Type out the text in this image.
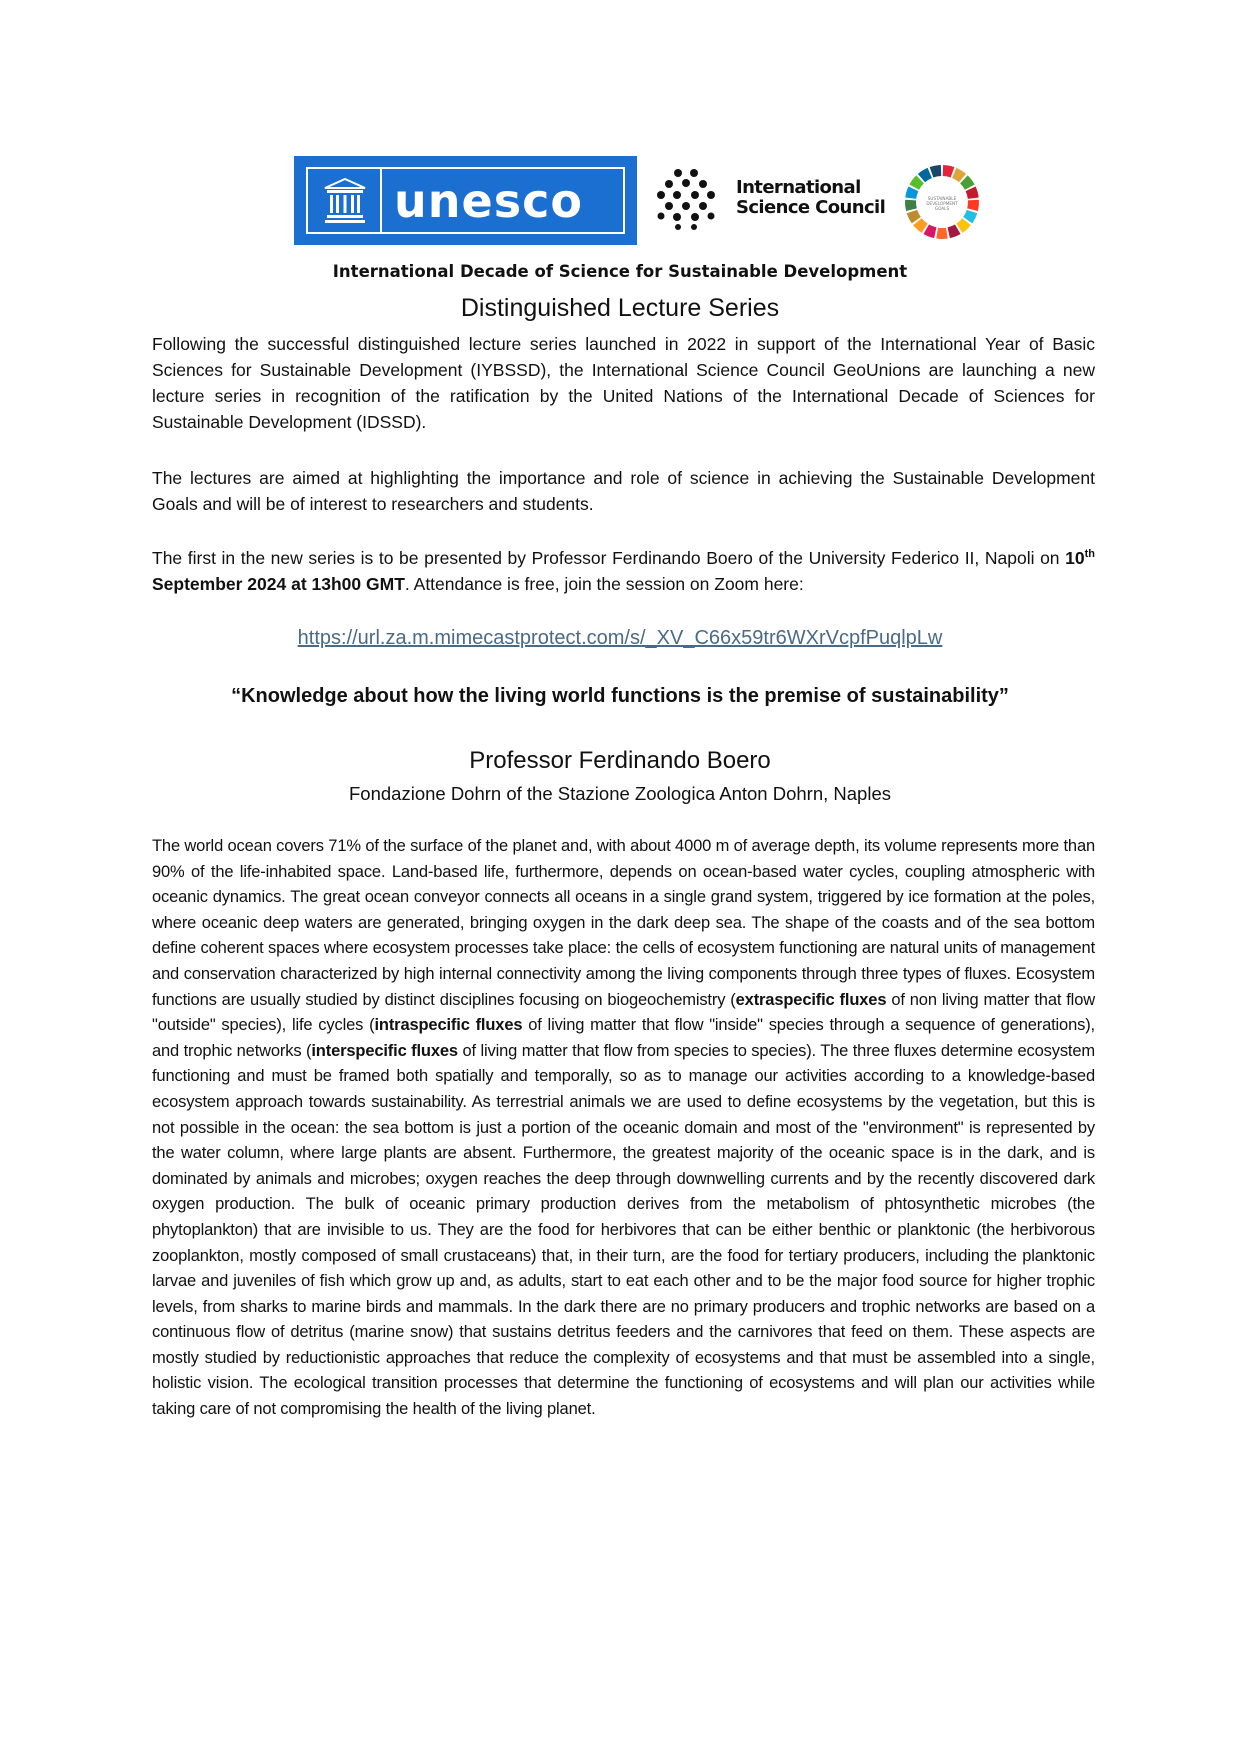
unesco	International
Science Council	SUSTAINABLE
DEVELOPMENT
GOALS
International Decade of Science for Sustainable Development
Distinguished Lecture Series

Following the successful distinguished lecture series launched in 2022 in support of the International Year of Basic Sciences for Sustainable Development (IYBSSD), the International Science Council GeoUnions are launching a new lecture series in recognition of the ratification by the United Nations of the International Decade of Sciences for Sustainable Development (IDSSD).

The lectures are aimed at highlighting the importance and role of science in achieving the Sustainable Development Goals and will be of interest to researchers and students.

The first in the new series is to be presented by Professor Ferdinando Boero of the University Federico II, Napoli on 10th September 2024 at 13h00 GMT. Attendance is free, join the session on Zoom here:

https://url.za.m.mimecastprotect.com/s/_XV_C66x59tr6WXrVcpfPuqlpLw
“Knowledge about how the living world functions is the premise of sustainability”
Professor Ferdinando Boero
Fondazione Dohrn of the Stazione Zoologica Anton Dohrn, Naples

The world ocean covers 71% of the surface of the planet and, with about 4000 m of average depth, its volume represents more than 90% of the life-inhabited space. Land-based life, furthermore, depends on ocean-based water cycles, coupling atmospheric with oceanic dynamics. The great ocean conveyor connects all oceans in a single grand system, triggered by ice formation at the poles, where oceanic deep waters are generated, bringing oxygen in the dark deep sea. The shape of the coasts and of the sea bottom define coherent spaces where ecosystem processes take place: the cells of ecosystem functioning are natural units of management and conservation characterized by high internal connectivity among the living components through three types of fluxes. Ecosystem functions are usually studied by distinct disciplines focusing on biogeochemistry (extraspecific fluxes of non living matter that flow "outside" species), life cycles (intraspecific fluxes of living matter that flow "inside" species through a sequence of generations), and trophic networks (interspecific fluxes of living matter that flow from species to species). The three fluxes determine ecosystem functioning and must be framed both spatially and temporally, so as to manage our activities according to a knowledge-based ecosystem approach towards sustainability. As terrestrial animals we are used to define ecosystems by the vegetation, but this is not possible in the ocean: the sea bottom is just a portion of the oceanic domain and most of the "environment" is represented by the water column, where large plants are absent. Furthermore, the greatest majority of the oceanic space is in the dark, and is dominated by animals and microbes; oxygen reaches the deep through downwelling currents and by the recently discovered dark oxygen production. The bulk of oceanic primary production derives from the metabolism of phtosynthetic microbes (the phytoplankton) that are invisible to us. They are the food for herbivores that can be either benthic or planktonic (the herbivorous zooplankton, mostly composed of small crustaceans) that, in their turn, are the food for tertiary producers, including the planktonic larvae and juveniles of fish which grow up and, as adults, start to eat each other and to be the major food source for higher trophic levels, from sharks to marine birds and mammals. In the dark there are no primary producers and trophic networks are based on a continuous flow of detritus (marine snow) that sustains detritus feeders and the carnivores that feed on them. These aspects are mostly studied by reductionistic approaches that reduce the complexity of ecosystems and that must be assembled into a single, holistic vision. The ecological transition processes that determine the functioning of ecosystems and will plan our activities while taking care of not compromising the health of the living planet.
